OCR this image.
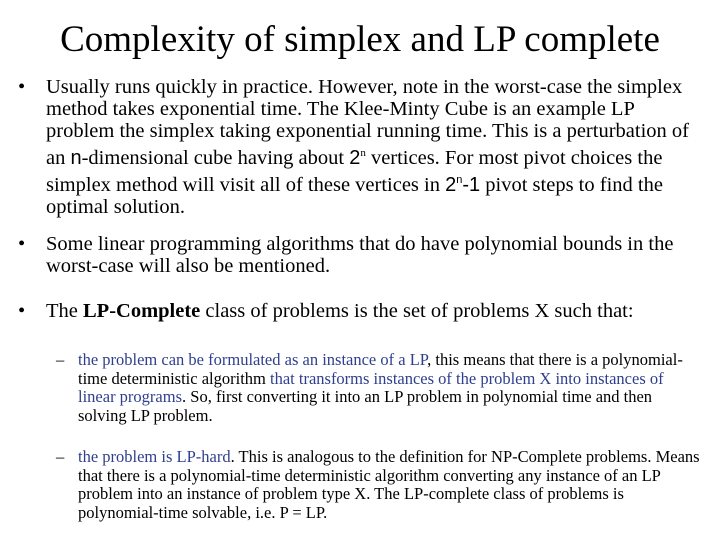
Complexity of simplex and LP complete
• Usually runs quickly in practice. However, note in the worst-case the simplex method takes exponential time. The Klee-Minty Cube is an example LP problem the simplex taking exponential running time. This is a perturbation of an n-dimensional cube having about 2$^n$ vertices. For most pivot choices the simplex method will visit all of these vertices in 2$^n$-1 pivot steps to find the optimal solution.
• Some linear programming algorithms that do have polynomial bounds in the worst-case will also be mentioned.
• The LP-Complete class of problems is the set of problems X such that:
– the problem can be formulated as an instance of a LP, this means that there is a polynomial-time deterministic algorithm that transforms instances of the problem X into instances of linear programs. So, first converting it into an LP problem in polynomial time and then solving LP problem.
– the problem is LP-hard. This is analogous to the definition for NP-Complete problems. Means that there is a polynomial-time deterministic algorithm converting any instance of an LP problem into an instance of problem type X. The LP-complete class of problems is polynomial-time solvable, i.e. P = LP.
